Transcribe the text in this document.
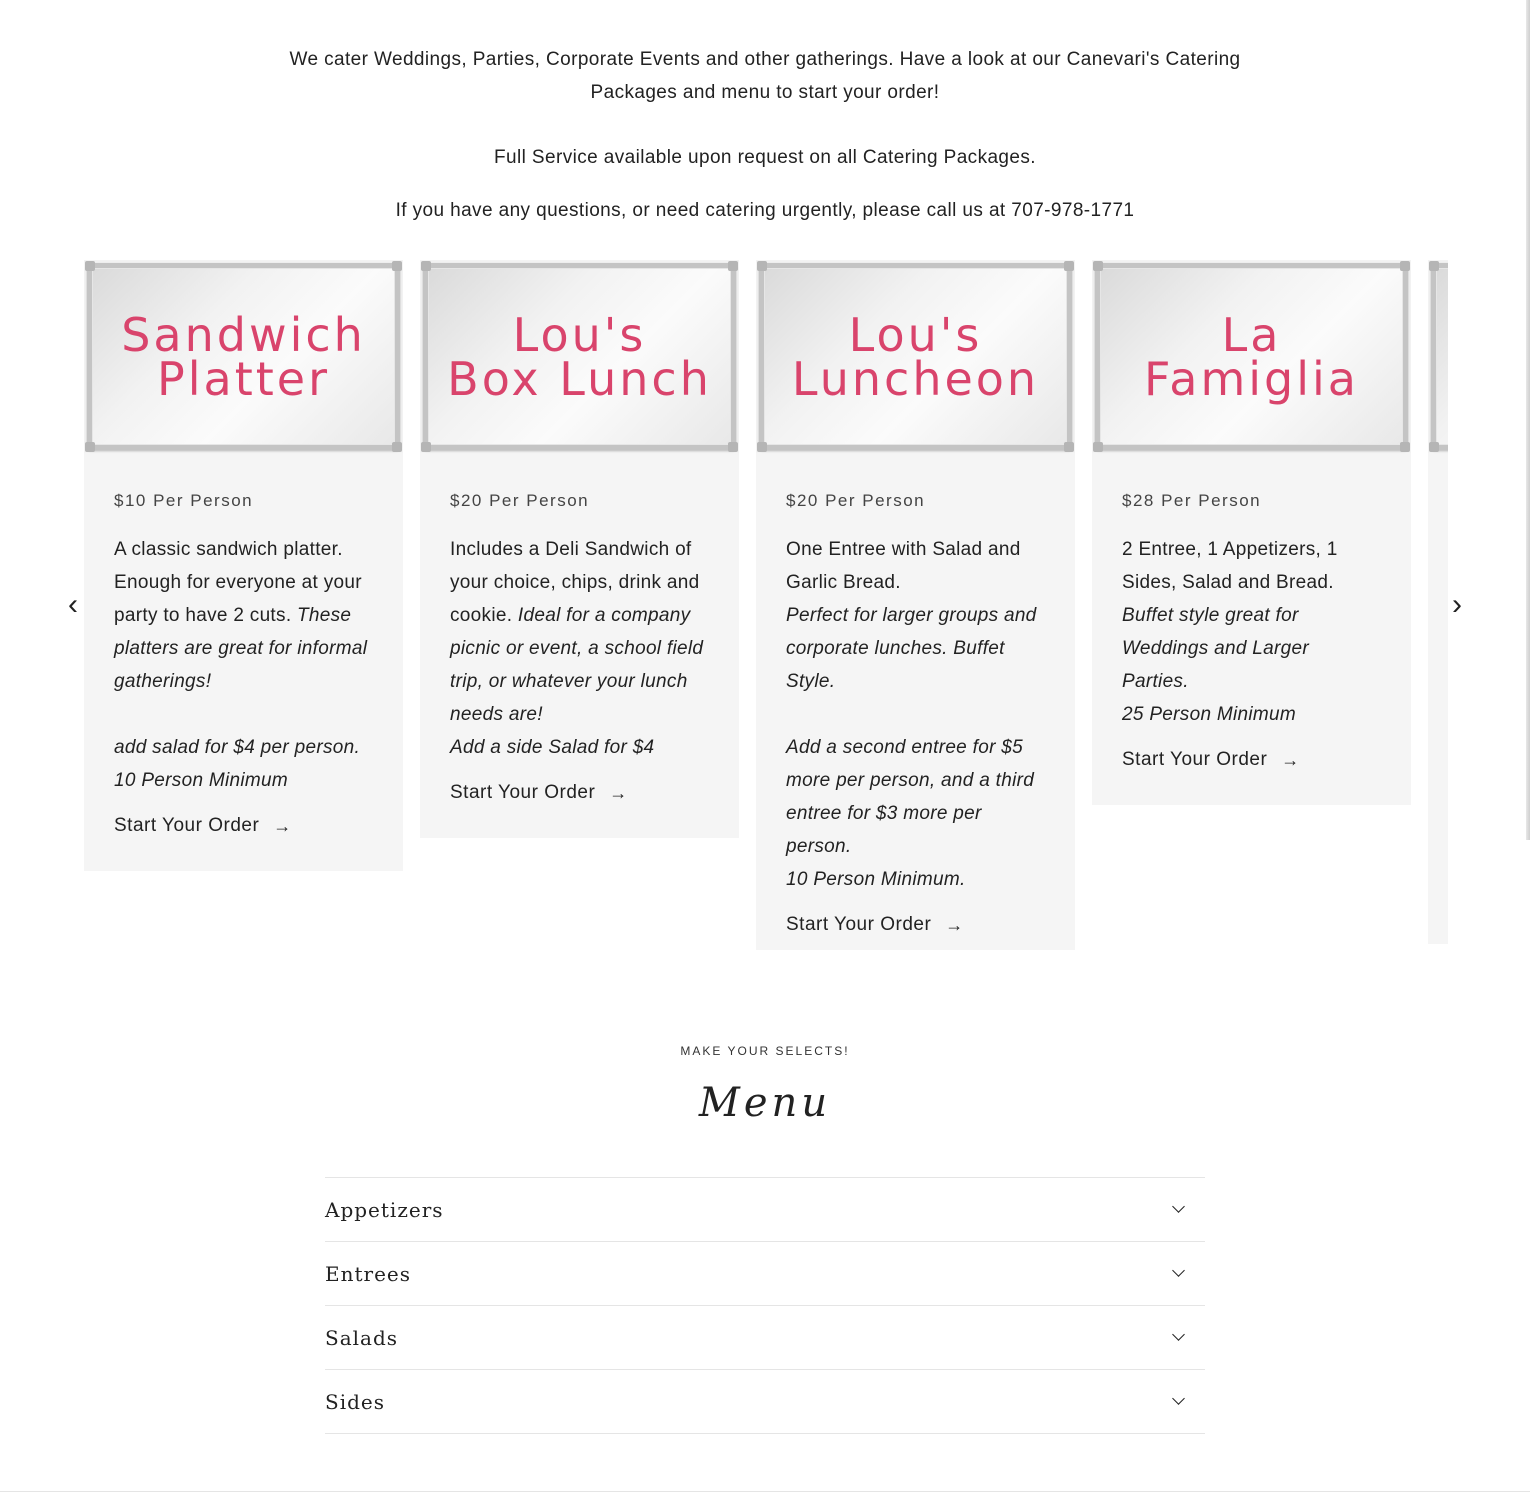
We cater Weddings, Parties, Corporate Events and other gatherings. Have a look at our Canevari's Catering Packages and menu to start your order!

Full Service available upon request on all Catering Packages.

If you have any questions, or need catering urgently, please call us at 707-978-1771

Sandwich
Platter
$10 Per Person

A classic sandwich platter. Enough for everyone at your party to have 2 cuts. These platters are great for informal gatherings!

add salad for $4 per person.

10 Person Minimum

Start Your Order →
Lou's
Box Lunch
$20 Per Person

Includes a Deli Sandwich of your choice, chips, drink and cookie. Ideal for a company picnic or event, a school field trip, or whatever your lunch needs are!

Add a side Salad for $4

Start Your Order →
Lou's
Luncheon
$20 Per Person

One Entree with Salad and Garlic Bread.

Perfect for larger groups and corporate lunches. Buffet Style.

Add a second entree for $5 more per person, and a third entree for $3 more per person.

10 Person Minimum.

Start Your Order →
La
Famiglia
$28 Per Person

2 Entree, 1 Appetizers, 1 Sides, Salad and Bread. Buffet style great for Weddings and Larger Parties.

25 Person Minimum

Start Your Order →
‹	›
MAKE YOUR SELECTS!
Menu
Appetizers
Entrees
Salads
Sides
